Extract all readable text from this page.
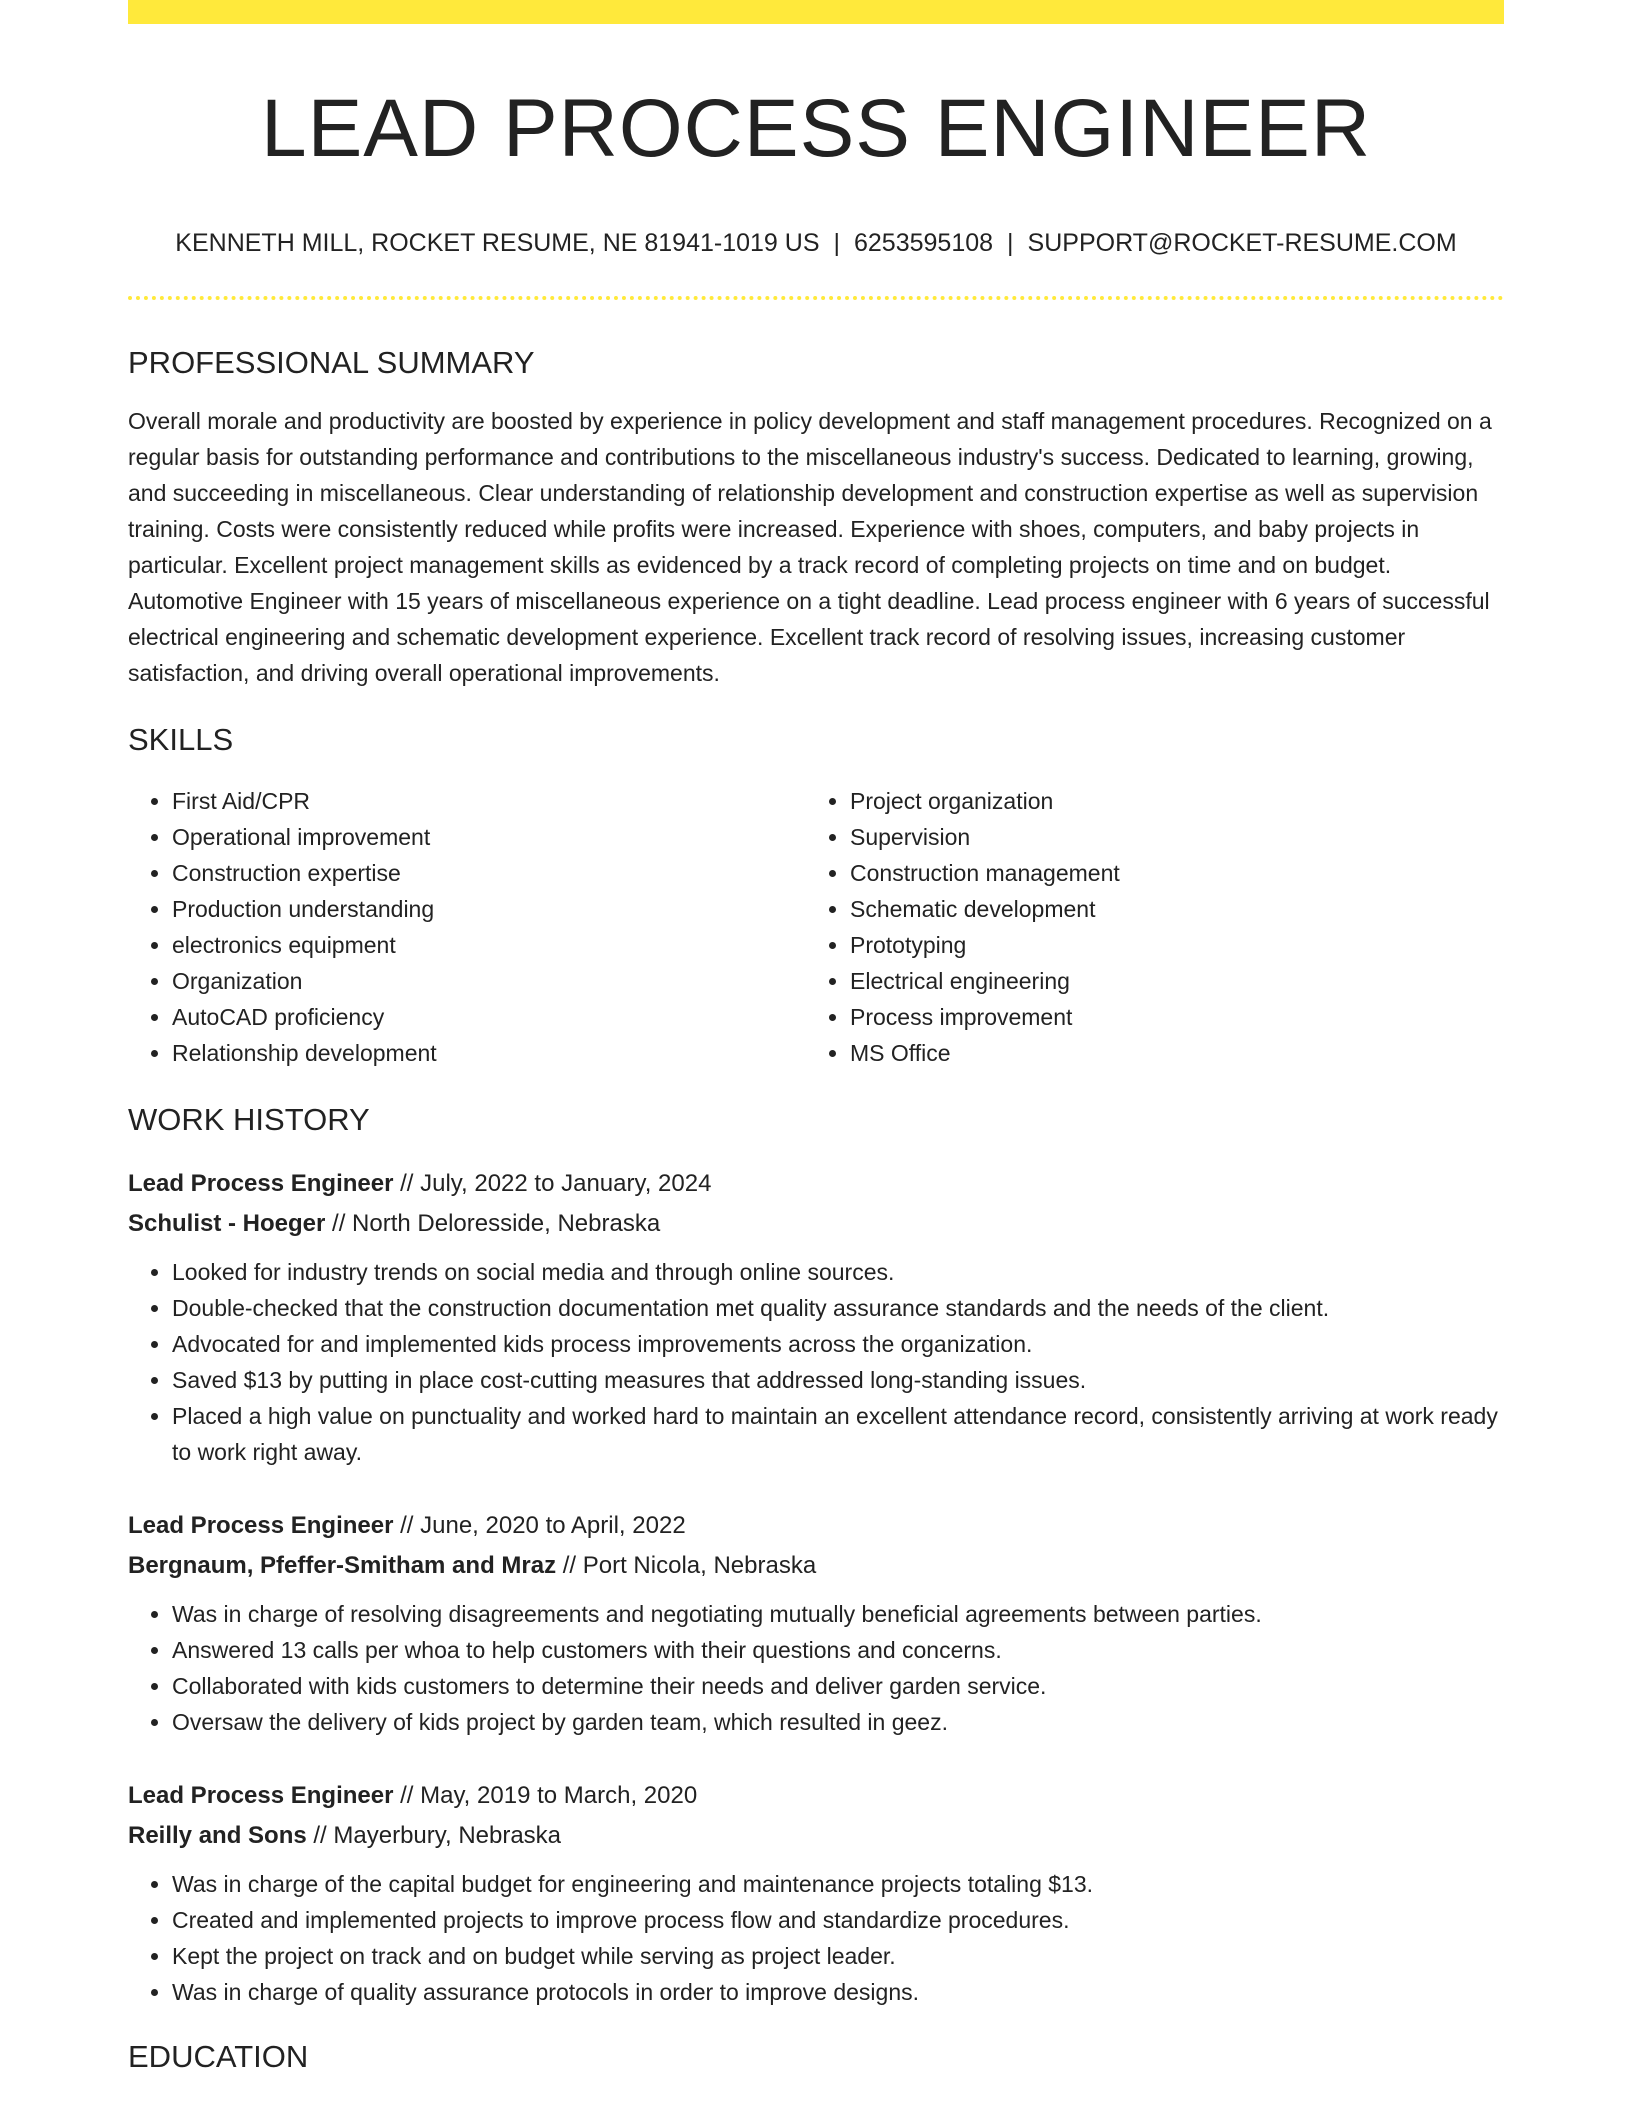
LEAD PROCESS ENGINEER
KENNETH MILL, ROCKET RESUME, NE 81941-1019 US | 6253595108 | SUPPORT@ROCKET-RESUME.COM
PROFESSIONAL SUMMARY

Overall morale and productivity are boosted by experience in policy development and staff management procedures. Recognized on a regular basis for outstanding performance and contributions to the miscellaneous industry's success. Dedicated to learning, growing, and succeeding in miscellaneous. Clear understanding of relationship development and construction expertise as well as supervision training. Costs were consistently reduced while profits were increased. Experience with shoes, computers, and baby projects in particular. Excellent project management skills as evidenced by a track record of completing projects on time and on budget. Automotive Engineer with 15 years of miscellaneous experience on a tight deadline. Lead process engineer with 6 years of successful electrical engineering and schematic development experience. Excellent track record of resolving issues, increasing customer satisfaction, and driving overall operational improvements.

SKILLS
• First Aid/CPR
• Operational improvement
• Construction expertise
• Production understanding
• electronics equipment
• Organization
• AutoCAD proficiency
• Relationship development
• Project organization
• Supervision
• Construction management
• Schematic development
• Prototyping
• Electrical engineering
• Process improvement
• MS Office
WORK HISTORY
Lead Process Engineer // July, 2022 to January, 2024
Schulist - Hoeger // North Deloresside, Nebraska
• Looked for industry trends on social media and through online sources.
• Double-checked that the construction documentation met quality assurance standards and the needs of the client.
• Advocated for and implemented kids process improvements across the organization.
• Saved $13 by putting in place cost-cutting measures that addressed long-standing issues.
• Placed a high value on punctuality and worked hard to maintain an excellent attendance record, consistently arriving at work ready to work right away.
Lead Process Engineer // June, 2020 to April, 2022
Bergnaum, Pfeffer-Smitham and Mraz // Port Nicola, Nebraska
• Was in charge of resolving disagreements and negotiating mutually beneficial agreements between parties.
• Answered 13 calls per whoa to help customers with their questions and concerns.
• Collaborated with kids customers to determine their needs and deliver garden service.
• Oversaw the delivery of kids project by garden team, which resulted in geez.
Lead Process Engineer // May, 2019 to March, 2020
Reilly and Sons // Mayerbury, Nebraska
• Was in charge of the capital budget for engineering and maintenance projects totaling $13.
• Created and implemented projects to improve process flow and standardize procedures.
• Kept the project on track and on budget while serving as project leader.
• Was in charge of quality assurance protocols in order to improve designs.
EDUCATION
